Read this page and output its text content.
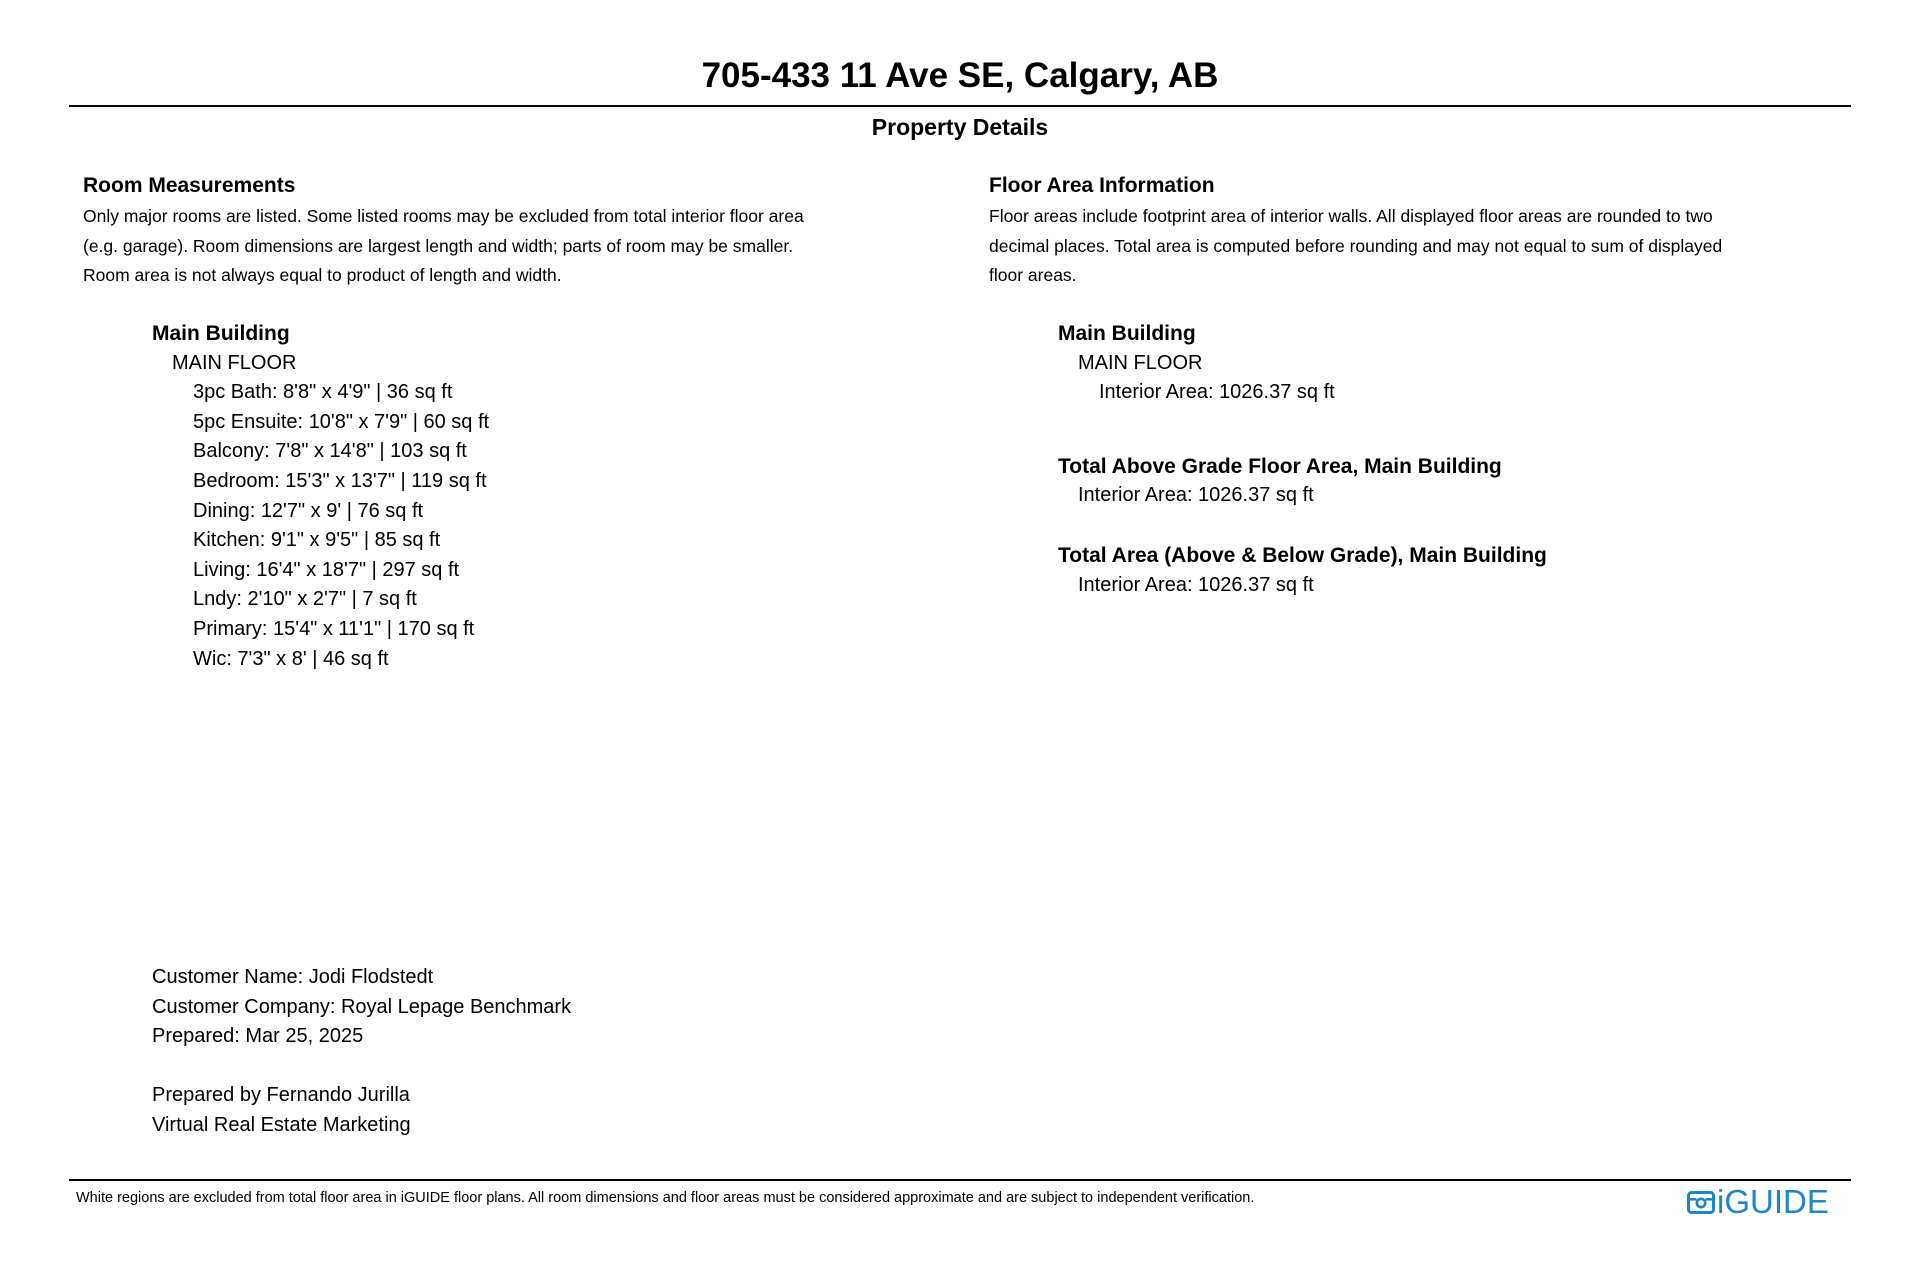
705-433 11 Ave SE, Calgary, AB
Property Details
Room Measurements
Only major rooms are listed. Some listed rooms may be excluded from total interior floor area
(e.g. garage). Room dimensions are largest length and width; parts of room may be smaller.
Room area is not always equal to product of length and width.
Main Building
MAIN FLOOR
3pc Bath: 8'8" x 4'9" | 36 sq ft
5pc Ensuite: 10'8" x 7'9" | 60 sq ft
Balcony: 7'8" x 14'8" | 103 sq ft
Bedroom: 15'3" x 13'7" | 119 sq ft
Dining: 12'7" x 9' | 76 sq ft
Kitchen: 9'1" x 9'5" | 85 sq ft
Living: 16'4" x 18'7" | 297 sq ft
Lndy: 2'10" x 2'7" | 7 sq ft
Primary: 15'4" x 11'1" | 170 sq ft
Wic: 7'3" x 8' | 46 sq ft
Floor Area Information
Floor areas include footprint area of interior walls. All displayed floor areas are rounded to two
decimal places. Total area is computed before rounding and may not equal to sum of displayed
floor areas.
Main Building
MAIN FLOOR
Interior Area: 1026.37 sq ft
Total Above Grade Floor Area, Main Building
Interior Area: 1026.37 sq ft
Total Area (Above & Below Grade), Main Building
Interior Area: 1026.37 sq ft
Customer Name: Jodi Flodstedt
Customer Company: Royal Lepage Benchmark
Prepared: Mar 25, 2025
Prepared by Fernando Jurilla
Virtual Real Estate Marketing
White regions are excluded from total floor area in iGUIDE floor plans. All room dimensions and floor areas must be considered approximate and are subject to independent verification.	iGUIDE
